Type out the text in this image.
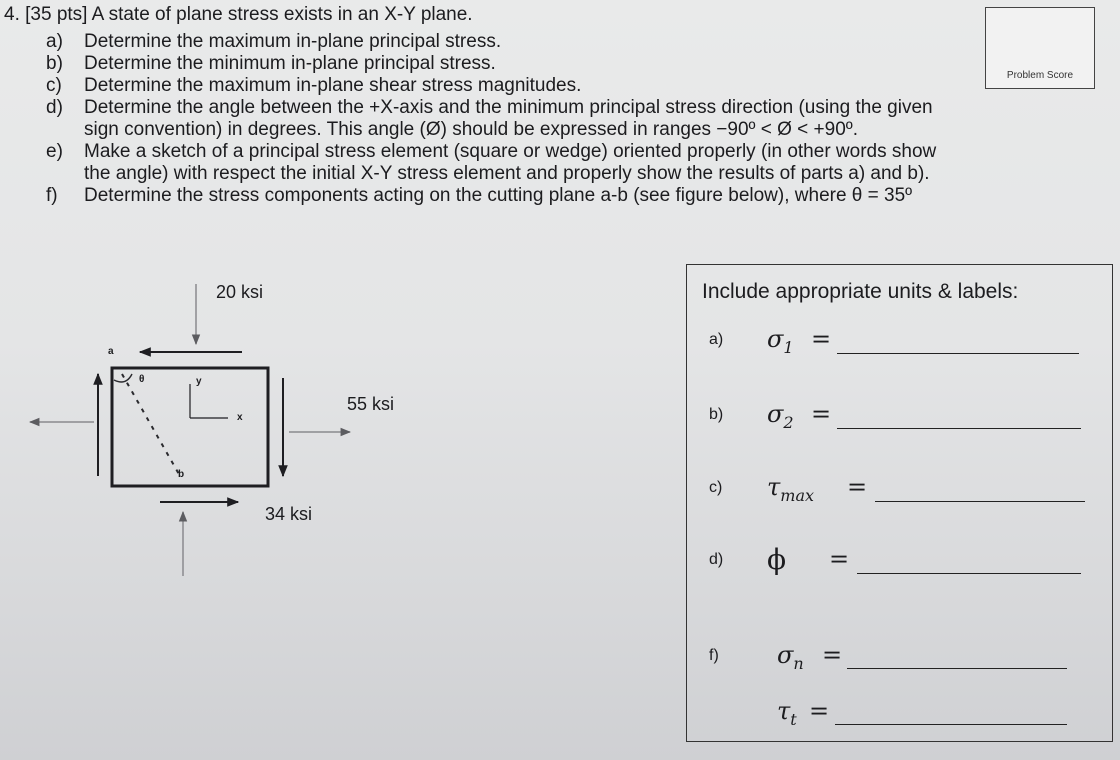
4. [35 pts] A state of plane stress exists in an X-Y plane.
a) Determine the maximum in-plane principal stress.
b) Determine the minimum in-plane principal stress.
c) Determine the maximum in-plane shear stress magnitudes.
d) Determine the angle between the +X-axis and the minimum principal stress direction (using the given
sign convention) in degrees. This angle (Ø) should be expressed in ranges −90º < Ø < +90º.
e) Make a sketch of a principal stress element (square or wedge) oriented properly (in other words show
the angle) with respect the initial X-Y stress element and properly show the results of parts a) and b).
f) Determine the stress components acting on the cutting plane a-b (see figure below), where θ = 35º
Problem Score
20 ksi
55 ksi
34 ksi
a
b
θ	y
x
Include appropriate units & labels:
a) $\sigma_1$ =
b) $\sigma_2$ =
c) $\tau_{max}$ =
d) ϕ =
f) $\sigma_n$ =
$\tau_t$ =
